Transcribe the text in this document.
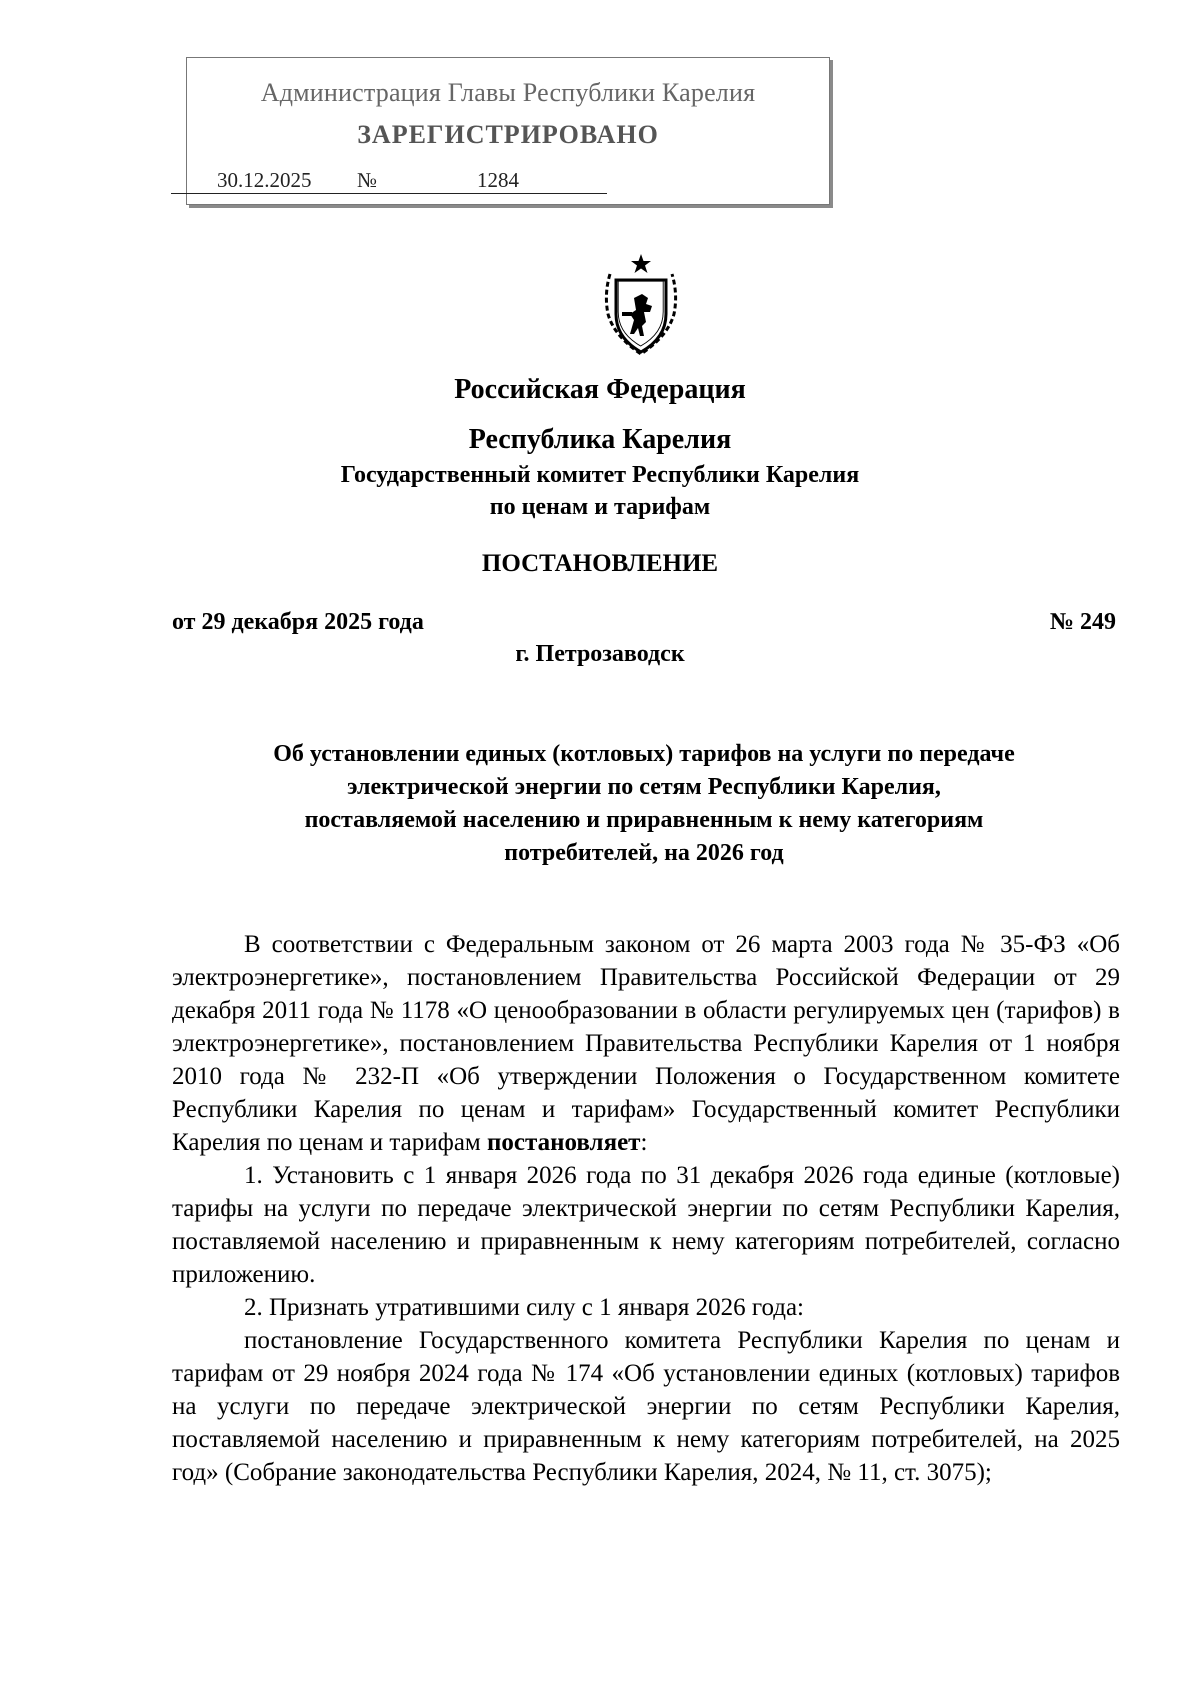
Администрация Главы Республики Карелия
ЗАРЕГИСТРИРОВАНО
30.12.2025 №	1284
Российская Федерация
Республика Карелия
Государственный комитет Республики Карелия
по ценам и тарифам
ПОСТАНОВЛЕНИЕ
от 29 декабря 2025 года	№ 249
г. Петрозаводск
Об установлении единых (котловых) тарифов на услуги по передаче
электрической энергии по сетям Республики Карелия,
поставляемой населению и приравненным к нему категориям
потребителей, на 2026 год

В соответствии с Федеральным законом от 26 марта 2003 года № 35-ФЗ «Об электроэнергетике», постановлением Правительства Российской Федерации от 29 декабря 2011 года № 1178 «О ценообразовании в области регулируемых цен (тарифов) в электроэнергетике», постановлением Правительства Республики Карелия от 1 ноября 2010 года № 232-П «Об утверждении Положения о Государственном комитете Республики Карелия по ценам и тарифам» Государственный комитет Республики Карелия по ценам и тарифам постановляет:

1. Установить с 1 января 2026 года по 31 декабря 2026 года единые (котловые) тарифы на услуги по передаче электрической энергии по сетям Республики Карелия, поставляемой населению и приравненным к нему категориям потребителей, согласно приложению.

2. Признать утратившими силу с 1 января 2026 года:

постановление Государственного комитета Республики Карелия по ценам и тарифам от 29 ноября 2024 года № 174 «Об установлении единых (котловых) тарифов на услуги по передаче электрической энергии по сетям Республики Карелия, поставляемой населению и приравненным к нему категориям потребителей, на 2025 год» (Собрание законодательства Республики Карелия, 2024, № 11, ст. 3075);
